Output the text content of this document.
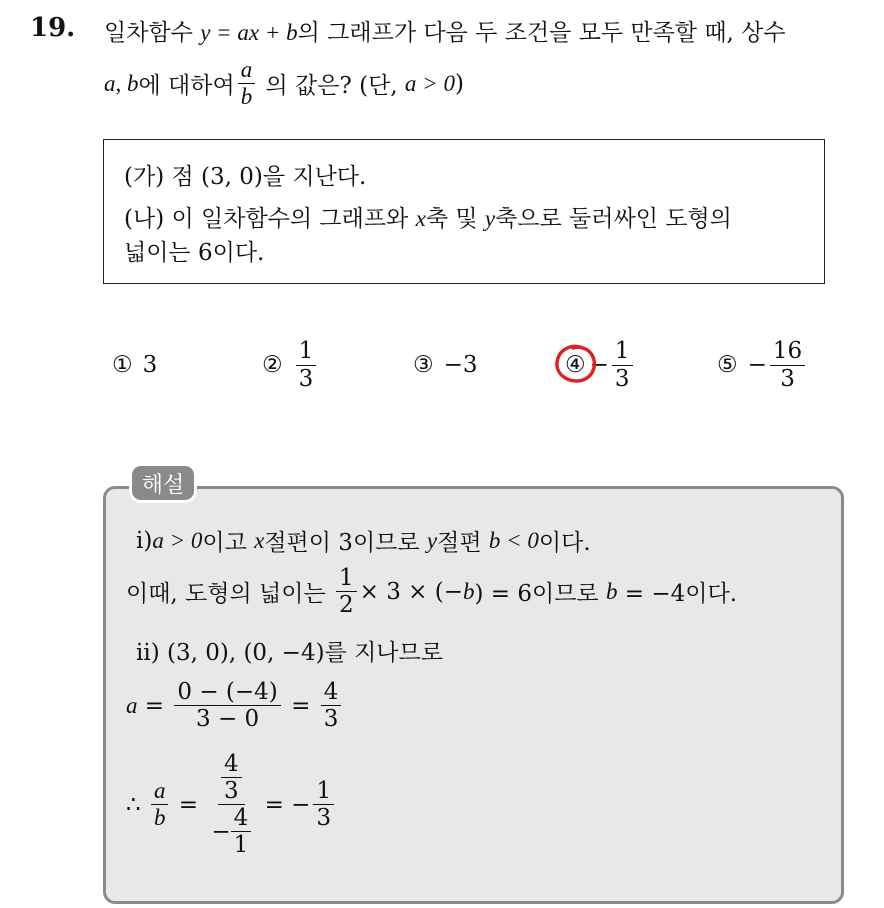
19. 일차함수 y = ax + b의 그래프가 다음 두 조건을 모두 만족할 때, 상수
a, b 에 대하여 $\frac{a}{b}$ 의 값은? (단, a > 0 )
(가) 점 (3, 0)을 지난다.
(나) 이 일차함수의 그래프와 x축 및 y축으로 둘러싸인 도형의
넓이는 6이다.
① 3	② $\frac{1}{3}$	③ −3	④ − $\frac{1}{3}$	⑤ − $\frac{16}{3}$
해설
ⅰ) a > 0 이고 x 절편이 3이므로 y 절편 b < 0 이다.
이때, 도형의 넓이는 $\frac{1}{2} \times 3$ × (− b ) = 6이므로 b = −4이다.
ⅱ) (3, 0), (0, −4)를 지나므로
$a = \frac{0 - (-4)}{3 - 0} = \frac{4}{3}$
∴ $\frac{a}{b} = \frac{\frac{4}{3}}{- \frac{4}{1}}$ = − $\frac{1}{3}$
